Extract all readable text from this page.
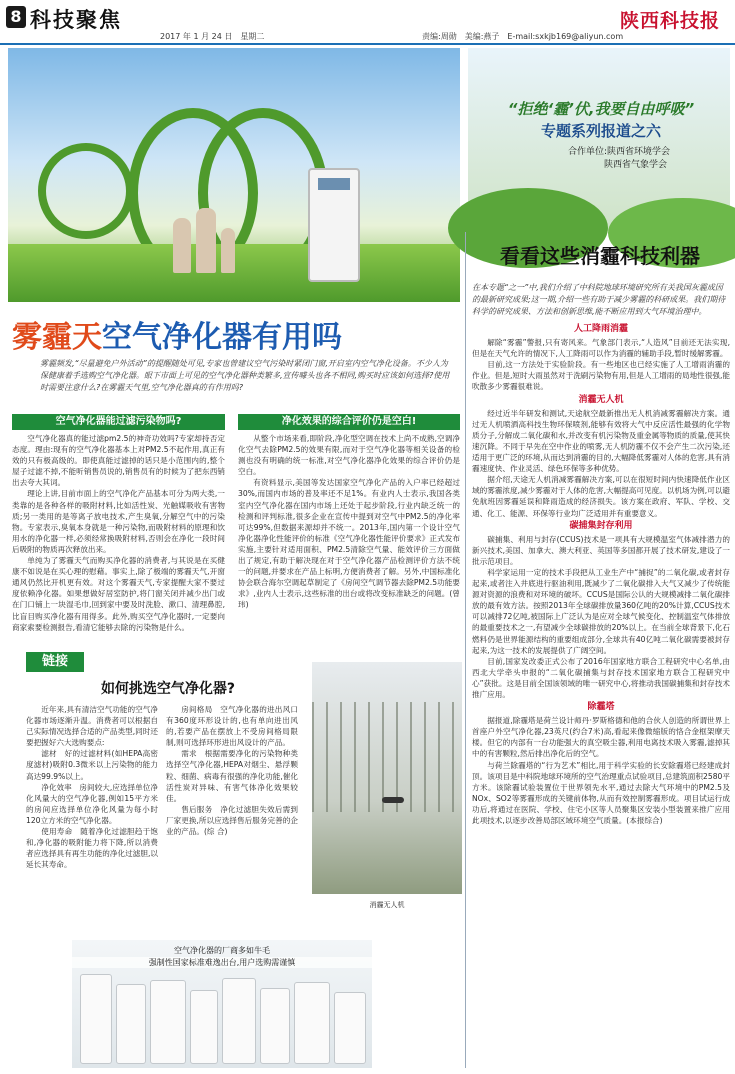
8 科技聚焦
2017 年 1 月 24 日　星期二	责编:周勋　美编:燕子　E-mail:sxkjb169@aliyun.com
陕西科技报
“拒绝‘霾’伏,我要自由呼吸”
专题系列报道之六
合作单位:陕西省环境学会
陕西省气象学会
看看这些消霾科技利器
在本专题“之一”中,我们介绍了中科院地球环境研究所有关我国灰霾成因的最新研究成果;这一期,介绍一些有助于减少雾霾的科研成果。我们期待科学的研究成果、方法和创新思维,能不断应用到大气环境治理中。
雾霾天空气净化器有用吗
雾霾频发,“尽量避免户外活动”的提醒随处可见,专家也曾建议空气污染时紧闭门窗,开启室内空气净化设备。不少人为保健康着手选购空气净化器。眼下市面上可见的空气净化器种类繁多,宣传噱头也各不相同,购买时应该如何选择?使用时需要注意什么?在雾霾天气里,空气净化器真的有作用吗?
空气净化器能过滤污染物吗?

空气净化器真的能过滤pm2.5的神奇功效吗?专家却持否定态度。理由:现有的空气净化器基本上对PM2.5不起作用,真正有效的只有极高级的。即使真能过滤掉的话只是小范围内的,整个屋子过滤不掉,不能听销售员说的,销售员有的时候为了把东西销出去夸大其词。

理论上讲,目前市面上的空气净化产品基本可分为两大类,一类靠的是各种各样的吸附材料,比如活性炭、光触媒吸收有害物质;另一类用的是等离子放电技术,产生臭氧,分解空气中的污染物。专家表示,臭氧本身就是一种污染物,而吸附材料的原理和饮用水的净化器一样,必须经常换吸附材料,否则会在净化一段时间后吸附的物质再次释放出来。

单纯为了雾霾天气而购买净化器的消费者,与其说是在买健康不如说是在买心理的慰藉。事实上,除了极端的雾霾天气,开窗通风仍然比开机更有效。对这个雾霾天气,专家提醒大家不要过度依赖净化器。如果想做好居室防护,将门窗关闭并减少出门或在门口铺上一块湿毛巾,回到家中要及时洗脸、漱口、清理鼻腔,比盲目购买净化器有用得多。此外,购买空气净化器时,一定要向商家索要检测报告,看清它能够去除的污染物是什么。

净化效果的综合评价仍是空白!

从整个市场来看,即阶段,净化型空调在技术上尚不成熟,空调净化空气去除PM2.5的效果有限,而对于空气净化器等相关设备的检测也没有明确的统一标准,对空气净化器净化效果的综合评价仍是空白。

有资料显示,美国等发达国家空气净化产品的入户率已经超过30%,而国内市场的普及率还不足1%。有业内人士表示,我国各类室内空气净化器在国内市场上还处于起步阶段,行业内缺乏统一的检测和评判标准,很多企业在宣传中提到对空气中PM2.5的净化率可达99%,但数据来源却并不统一。2013年,国内第一个设计空气净化器净化性能评价的标准《空气净化器性能评价要求》正式发布实施,主要针对适用面积、PM2.5清除空气量、能效评价三方面做出了规定,有助于解决现在对于空气净化器产品检测评价方法不统一的问题,并要求在产品上标明,方便消费者了解。另外,中国标准化协会联合海尔空调起草制定了《房间空气调节器去除PM2.5功能要求》,业内人士表示,这些标准的出台或将改变标准缺乏的问题。(曾 玮)

链接
如何挑选空气净化器?

近年来,具有清洁空气功能的空气净化器市场逐渐升温。消费者可以根据自己实际情况选择合适的产品类型,同时还要把握好六大选购要点:

滤材　好的过滤材料(如HEPA高密度滤材)吸附0.3微米以上污染物的能力高达99.9%以上。

净化效率　房间较大,应选择单位净化风量大的空气净化器,例如15平方米的房间应选择单位净化风量为每小时120立方米的空气净化器。

使用寿命　随着净化过滤胆趋于饱和,净化器的吸附能力将下降,所以消费者应选择具有再生功能的净化过滤胆,以延长其寿命。

房间格局　空气净化器的进出风口有360度环形设计的,也有单向进出风的,若要产品在摆放上不受房间格局限制,则可选择环形进出风设计的产品。

需求　根据需要净化的污染物种类选择空气净化器,HEPA对烟尘、悬浮颗粒、细菌、病毒有很强的净化功能,催化活性炭对异味、有害气体净化效果较佳。

售后服务　净化过滤胆失效后需到厂家更换,所以应选择售后服务完善的企业的产品。(综 合)

消霾无人机
空气净化器的厂商多如牛毛
强制性国家标准难逸出台,用户选购需谨慎
人工降雨消霾

解除“雾霾”警报,只有寄风来。气象部门表示,“人造风”目前还无法实现,但是在天气允许的情况下,人工降雨可以作为消霾的辅助手段,暂时缓解雾霾。

目前,这一方法处于实验阶段。有一些地区也已经实施了人工增雨消霾的作业。但是,短时大雨虽然对于洗刷污染物有用,但是人工增雨的局地性很强,能吹散多少雾霾很难说。

消霾无人机

经过近半年研发和测试,天途航空最新推出无人机消减雾霾解决方案。通过无人机喷洒高科技生物环保喷剂,能够有效将大气中反应活性最强的化学物质分子,分解成二氧化碳和水,并改变有机污染物及重金属等物质的质量,使其快速沉降。不同于早先在空中作业的喷雾,无人机防霾不仅不会产生二次污染,还适用于更广泛的环境,从而达到消霾的目的,大幅降低雾霾对人体的危害,具有消霾速度快、作业灵活、绿色环保等多种优势。

据介绍,天途无人机消减雾霾解决方案,可以在很短时间内快速降低作业区域的雾霾浓度,减少雾霾对于人体的危害,大幅提高可见度。以机场为例,可以避免航班因雾霾延误和降雨造成的经济损失。该方案在政府、军队、学校、交通、化工、能源、环保等行业均广泛适用并有重要意义。

碳捕集封存利用

碳捕集、利用与封存(CCUS)技术是一项具有大规模温室气体减排潜力的新兴技术,美国、加拿大、澳大利亚、英国等多国都开展了技术研发,建设了一批示范项目。

科学家运用一定的技术手段把从工业生产中“捕捉”的二氧化碳,或者封存起来,或者注入井底进行驱油利用,既减少了二氧化碳排入大气又减少了传统能源对资源的浪费和对环境的破坏。CCUS是国际公认的大规模减排二氧化碳排放的最有效方法。按照2013年全球碳排放量360亿吨的20%计算,CCUS技术可以减排72亿吨,被国际上广泛认为是应对全球气候变化、控制温室气体排放的最重要技术之一,有望减少全球碳排放的20%以上。在当前全球背景下,化石燃料仍是世界能源结构的重要组成部分,全球共有40亿吨二氧化碳需要被封存起来,为这一技术的发展提供了广阔空间。

目前,国家发改委正式公布了2016年国家地方联合工程研究中心名单,由西北大学牵头申报的“二氧化碳捕集与封存技术国家地方联合工程研究中心”获批。这是目前全国该领域的唯一研究中心,将推动我国碳捕集和封存技术推广应用。

除霾塔

据报道,除霾塔是荷兰设计师丹·罗斯格德和他的合伙人创造的所谓世界上首座户外空气净化器,23英尺(约合7米)高,看起来像微缩版的恪合金框架摩天楼。但它的内部有一台功能强大的真空吸尘器,利用电离技术吸入雾霾,滤掉其中的有害颗粒,然后排出净化后的空气。

与荷兰除霾塔的“行为艺术”相比,用于科学实验的长安除霾塔已经建成封顶。该项目是中科院地球环境所的空气治理重点试验项目,总建筑面积2580平方米。该除霾试验装置位于世界领先水平,通过去除大气环境中的PM2.5及NOx、SO2等雾霾形成的关键前体物,从而有效控制雾霾形成。项目试运行成功后,将通过在医院、学校、住宅小区等人员聚集区安装小型装置来推广应用此项技术,以逐步改善局部区域环境空气质量。(本报综合)
